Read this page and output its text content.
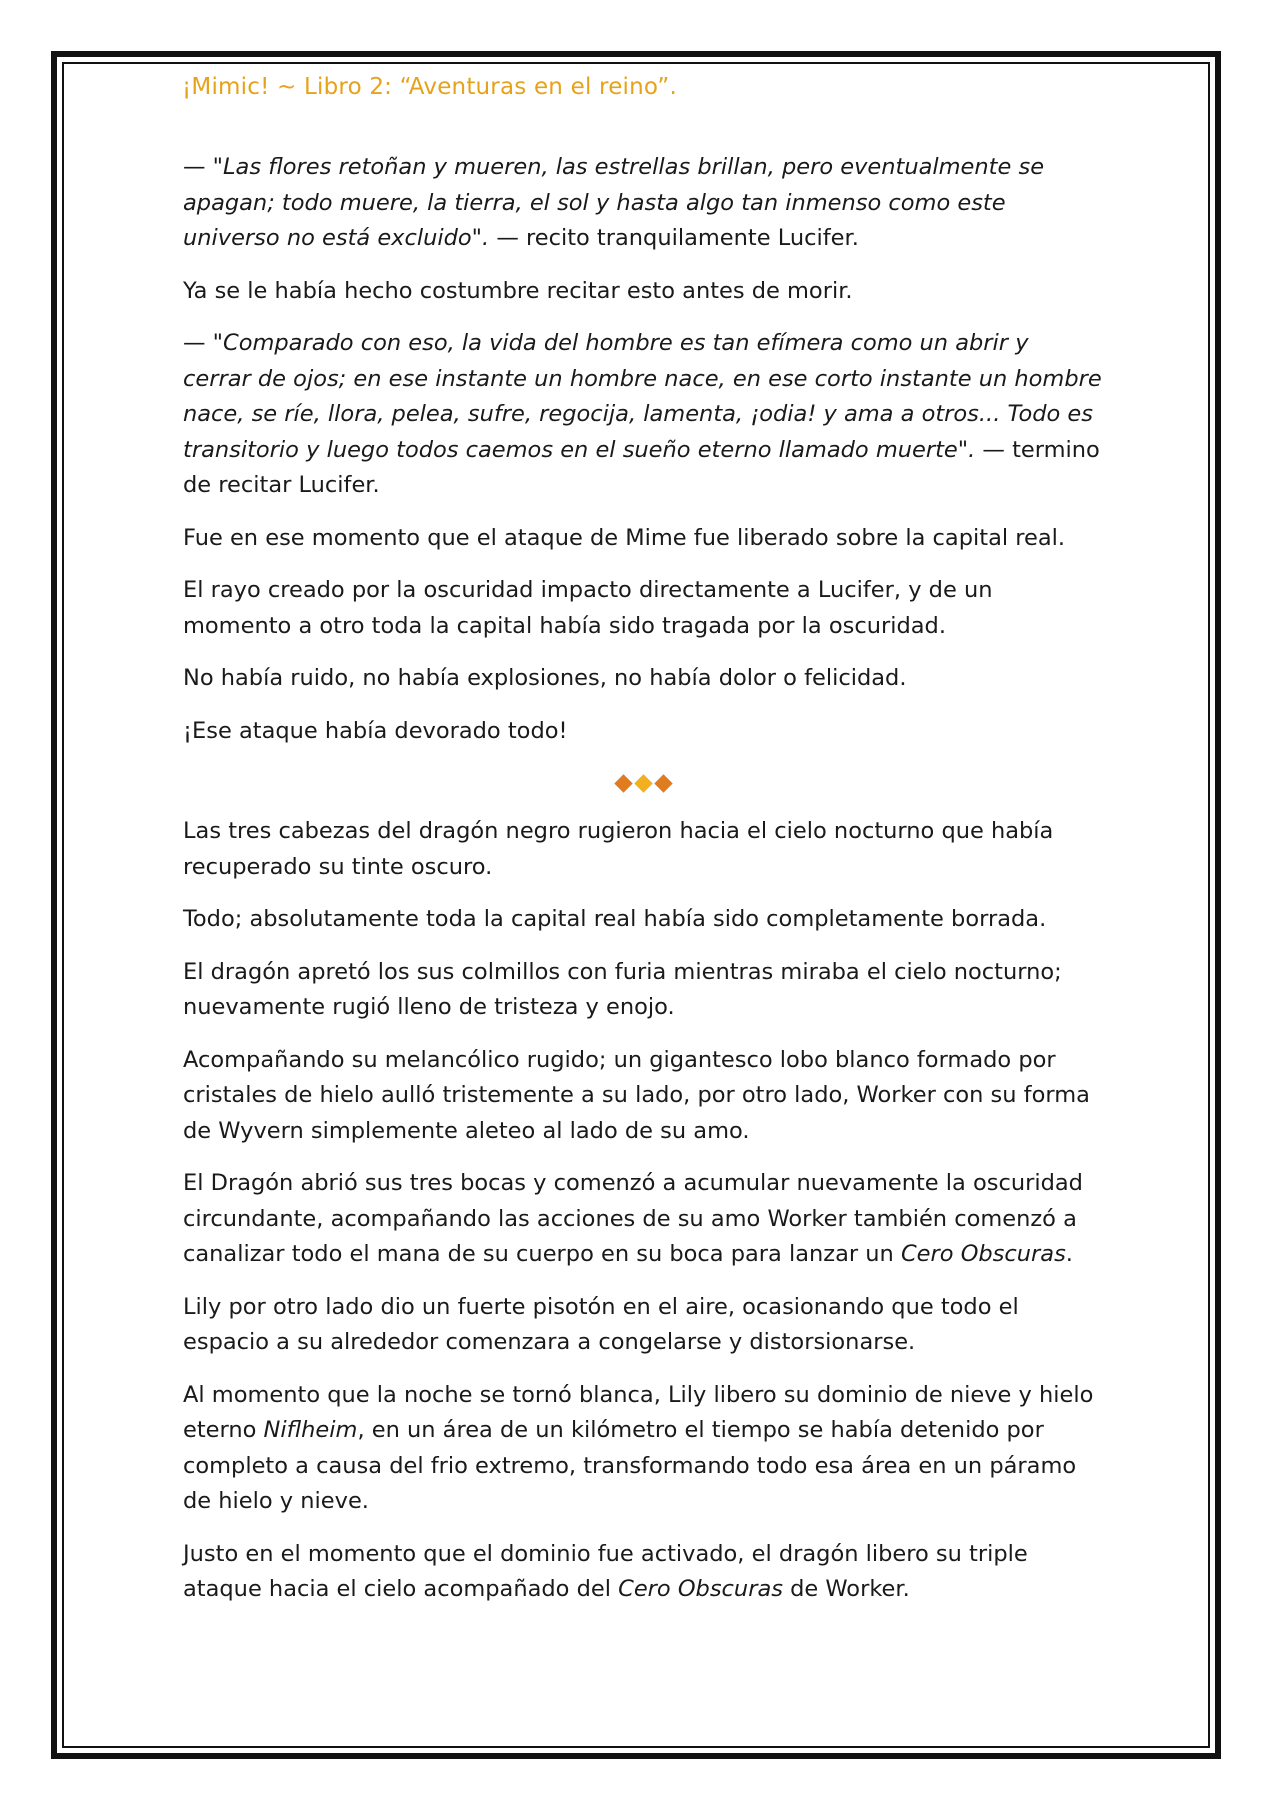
¡Mimic! ~ Libro 2: “Aventuras en el reino”.

— "Las flores retoñan y mueren, las estrellas brillan, pero eventualmente se apagan; todo muere, la tierra, el sol y hasta algo tan inmenso como este universo no está excluido". — recito tranquilamente Lucifer.

Ya se le había hecho costumbre recitar esto antes de morir.

— "Comparado con eso, la vida del hombre es tan efímera como un abrir y cerrar de ojos; en ese instante un hombre nace, en ese corto instante un hombre nace, se ríe, llora, pelea, sufre, regocija, lamenta, ¡odia! y ama a otros... Todo es transitorio y luego todos caemos en el sueño eterno llamado muerte". — termino de recitar Lucifer.

Fue en ese momento que el ataque de Mime fue liberado sobre la capital real.

El rayo creado por la oscuridad impacto directamente a Lucifer, y de un momento a otro toda la capital había sido tragada por la oscuridad.

No había ruido, no había explosiones, no había dolor o felicidad.

¡Ese ataque había devorado todo!

Las tres cabezas del dragón negro rugieron hacia el cielo nocturno que había recuperado su tinte oscuro.

Todo; absolutamente toda la capital real había sido completamente borrada.

El dragón apretó los sus colmillos con furia mientras miraba el cielo nocturno; nuevamente rugió lleno de tristeza y enojo.

Acompañando su melancólico rugido; un gigantesco lobo blanco formado por cristales de hielo aulló tristemente a su lado, por otro lado, Worker con su forma de Wyvern simplemente aleteo al lado de su amo.

El Dragón abrió sus tres bocas y comenzó a acumular nuevamente la oscuridad circundante, acompañando las acciones de su amo Worker también comenzó a canalizar todo el mana de su cuerpo en su boca para lanzar un Cero Obscuras.

Lily por otro lado dio un fuerte pisotón en el aire, ocasionando que todo el espacio a su alrededor comenzara a congelarse y distorsionarse.

Al momento que la noche se tornó blanca, Lily libero su dominio de nieve y hielo eterno Niflheim, en un área de un kilómetro el tiempo se había detenido por completo a causa del frio extremo, transformando todo esa área en un páramo de hielo y nieve.

Justo en el momento que el dominio fue activado, el dragón libero su triple ataque hacia el cielo acompañado del Cero Obscuras de Worker.
